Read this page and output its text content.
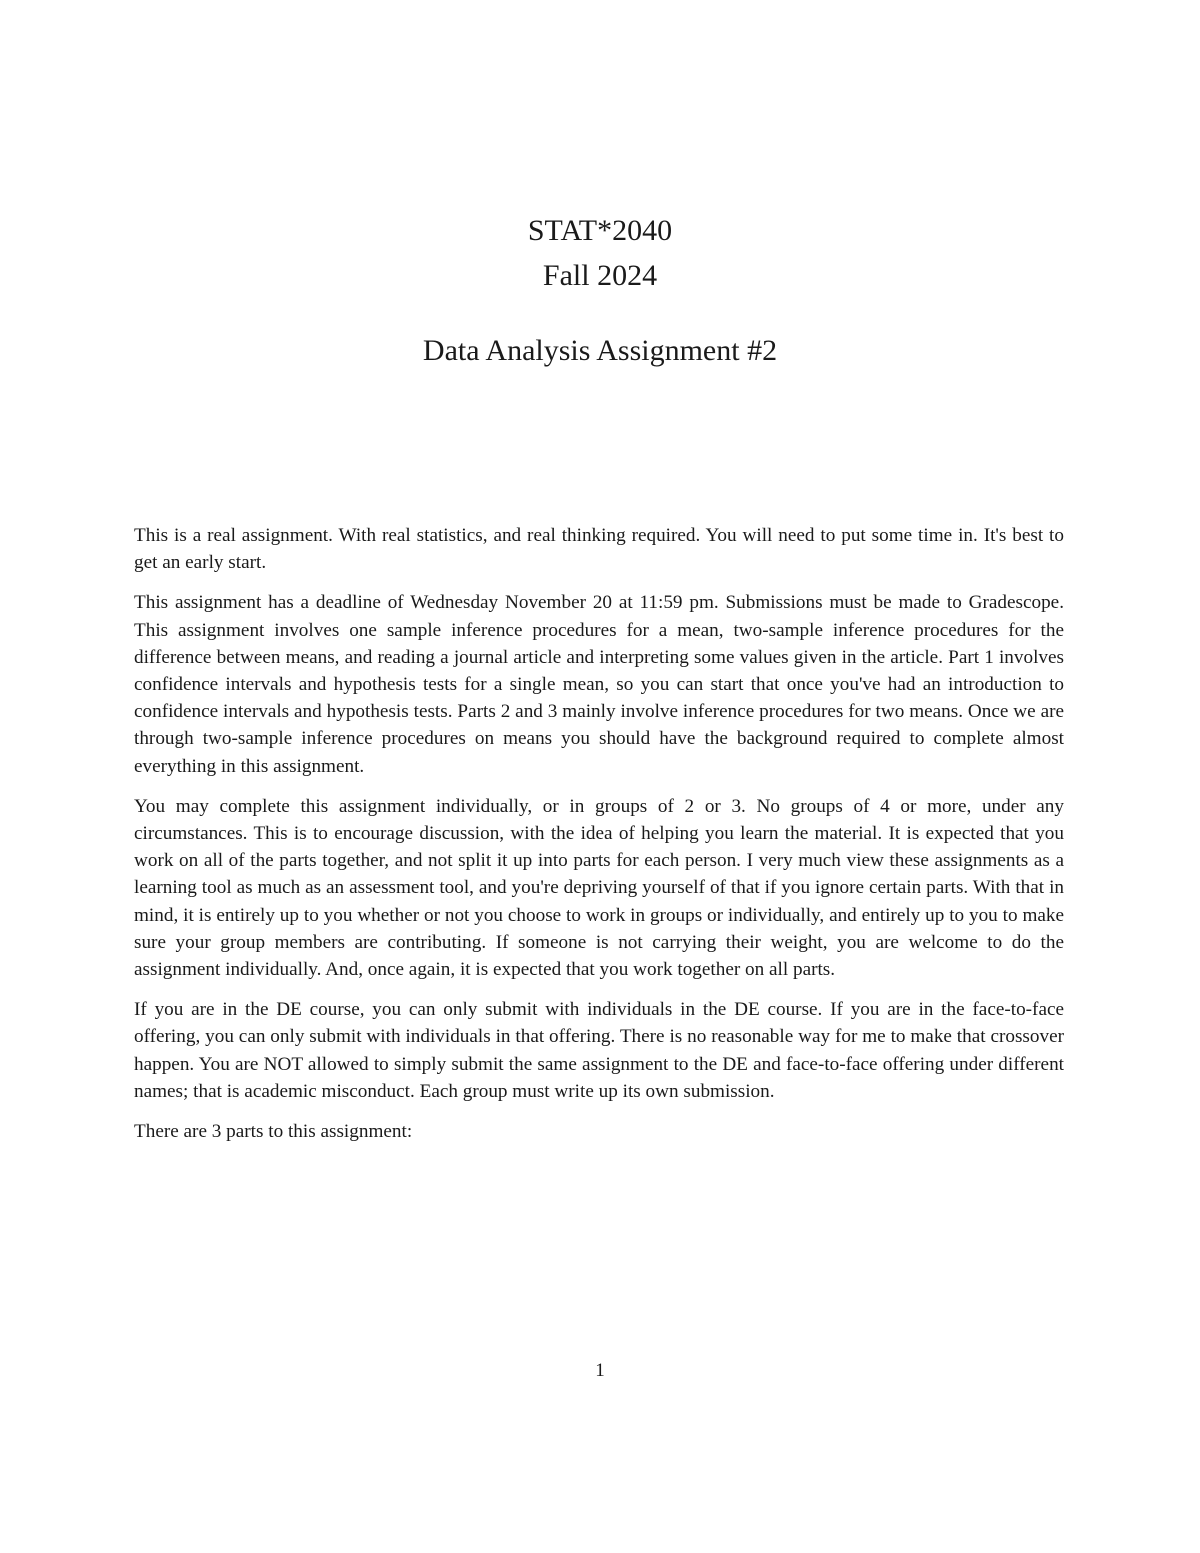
STAT*2040

Fall 2024

Data Analysis Assignment #2

This is a real assignment. With real statistics, and real thinking required. You will need to put some time in. It's best to get an early start.

This assignment has a deadline of Wednesday November 20 at 11:59 pm. Submissions must be made to Gradescope. This assignment involves one sample inference procedures for a mean, two-sample inference procedures for the difference between means, and reading a journal article and interpreting some values given in the article. Part 1 involves confidence intervals and hypothesis tests for a single mean, so you can start that once you've had an introduction to confidence intervals and hypothesis tests. Parts 2 and 3 mainly involve inference procedures for two means. Once we are through two-sample inference procedures on means you should have the background required to complete almost everything in this assignment.

You may complete this assignment individually, or in groups of 2 or 3. No groups of 4 or more, under any circumstances. This is to encourage discussion, with the idea of helping you learn the material. It is expected that you work on all of the parts together, and not split it up into parts for each person. I very much view these assignments as a learning tool as much as an assessment tool, and you're depriving yourself of that if you ignore certain parts. With that in mind, it is entirely up to you whether or not you choose to work in groups or individually, and entirely up to you to make sure your group members are contributing. If someone is not carrying their weight, you are welcome to do the assignment individually. And, once again, it is expected that you work together on all parts.

If you are in the DE course, you can only submit with individuals in the DE course. If you are in the face-to-face offering, you can only submit with individuals in that offering. There is no reasonable way for me to make that crossover happen. You are NOT allowed to simply submit the same assignment to the DE and face-to-face offering under different names; that is academic misconduct. Each group must write up its own submission.

There are 3 parts to this assignment:

1
